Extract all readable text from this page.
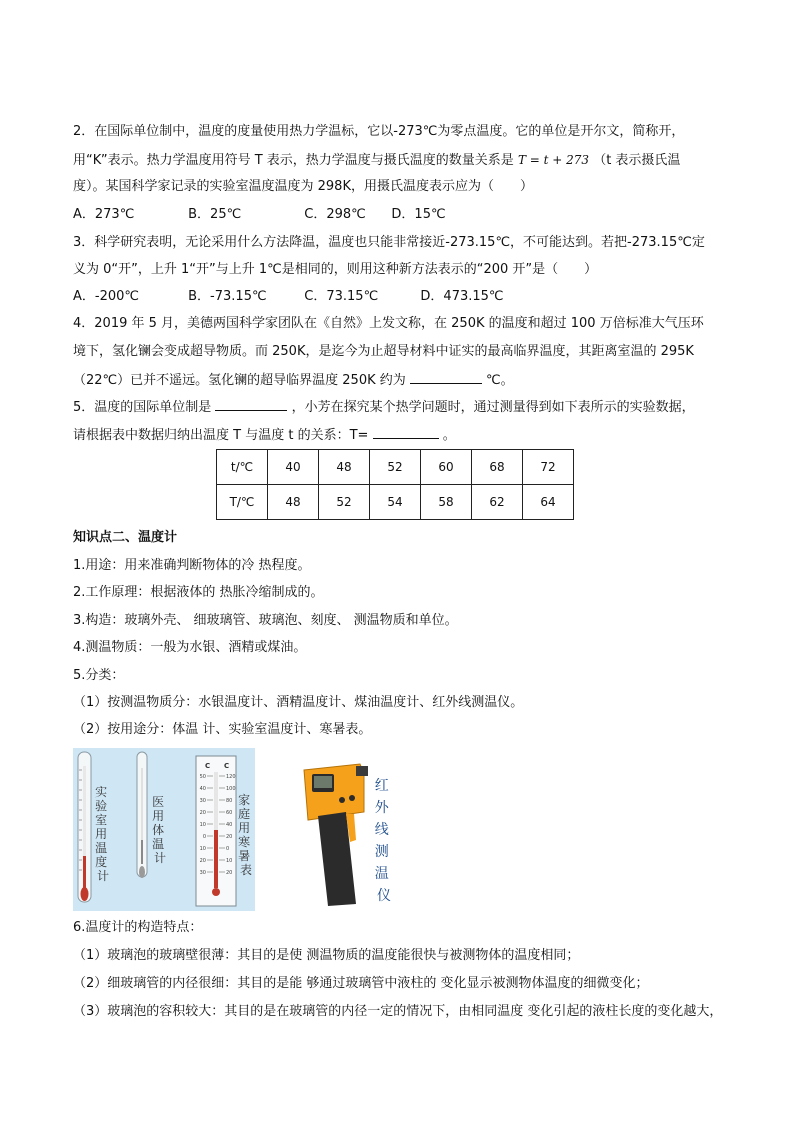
2．在国际单位制中，温度的度量使用热力学温标，它以-273℃为零点温度。它的单位是开尔文，简称开，
用“K”表示。热力学温度用符号 T 表示，热力学温度与摄氏温度的数量关系是 T = t + 273 （t 表示摄氏温
度）。某国科学家记录的实验室温度温度为 298K，用摄氏温度表示应为（　　）
A．273℃	B．25℃	C．298℃ D．15℃
3．科学研究表明，无论采用什么方法降温，温度也只能非常接近-273.15℃，不可能达到。若把-273.15℃定
义为 0“开”，上升 1“开”与上升 1℃是相同的，则用这种新方法表示的“200 开”是（　　）
A．-200℃	B．-73.15℃	C．73.15℃	D．473.15℃
4．2019 年 5 月，美德两国科学家团队在《自然》上发文称，在 250K 的温度和超过 100 万倍标准大气压环
境下，氢化镧会变成超导物质。而 250K，是迄今为止超导材料中证实的最高临界温度，其距离室温的 295K
（22℃）已并不遥远。氢化镧的超导临界温度 250K 约为	℃。
5．温度的国际单位制是	，小芳在探究某个热学问题时，通过测量得到如下表所示的实验数据，
请根据表中数据归纳出温度 T 与温度 t 的关系：T=	。
t/℃	40	48	52	60	68	72
T/℃	48	52	54	58	62	64
知识点二、温度计
1.用途：用来准确判断物体的冷 热程度。
2.工作原理：根据液体的 热胀冷缩制成的。
3.构造：玻璃外壳、 细玻璃管、玻璃泡、刻度、 测温物质和单位。
4.测温物质：一般为水银、酒精或煤油。
5.分类：
（1）按测温物质分：水银温度计、酒精温度计、煤油温度计、红外线测温仪。
（2）按用途分：体温 计、实验室温度计、寒暑表。
实 验 室 用 温 度 计
医 用 体 温 计
C C
50
40
30
20
10
0
10
20
30
120
100
80
60
40
20
0
10
20
家 庭 用 寒 暑 表
红 外 线 测 温 仪
6.温度计的构造特点：
（1）玻璃泡的玻璃壁很薄：其目的是使 测温物质的温度能很快与被测物体的温度相同；
（2）细玻璃管的内径很细：其目的是能 够通过玻璃管中液柱的 变化显示被测物体温度的细微变化；
（3）玻璃泡的容积较大：其目的是在玻璃管的内径一定的情况下，由相同温度 变化引起的液柱长度的变化越大，
